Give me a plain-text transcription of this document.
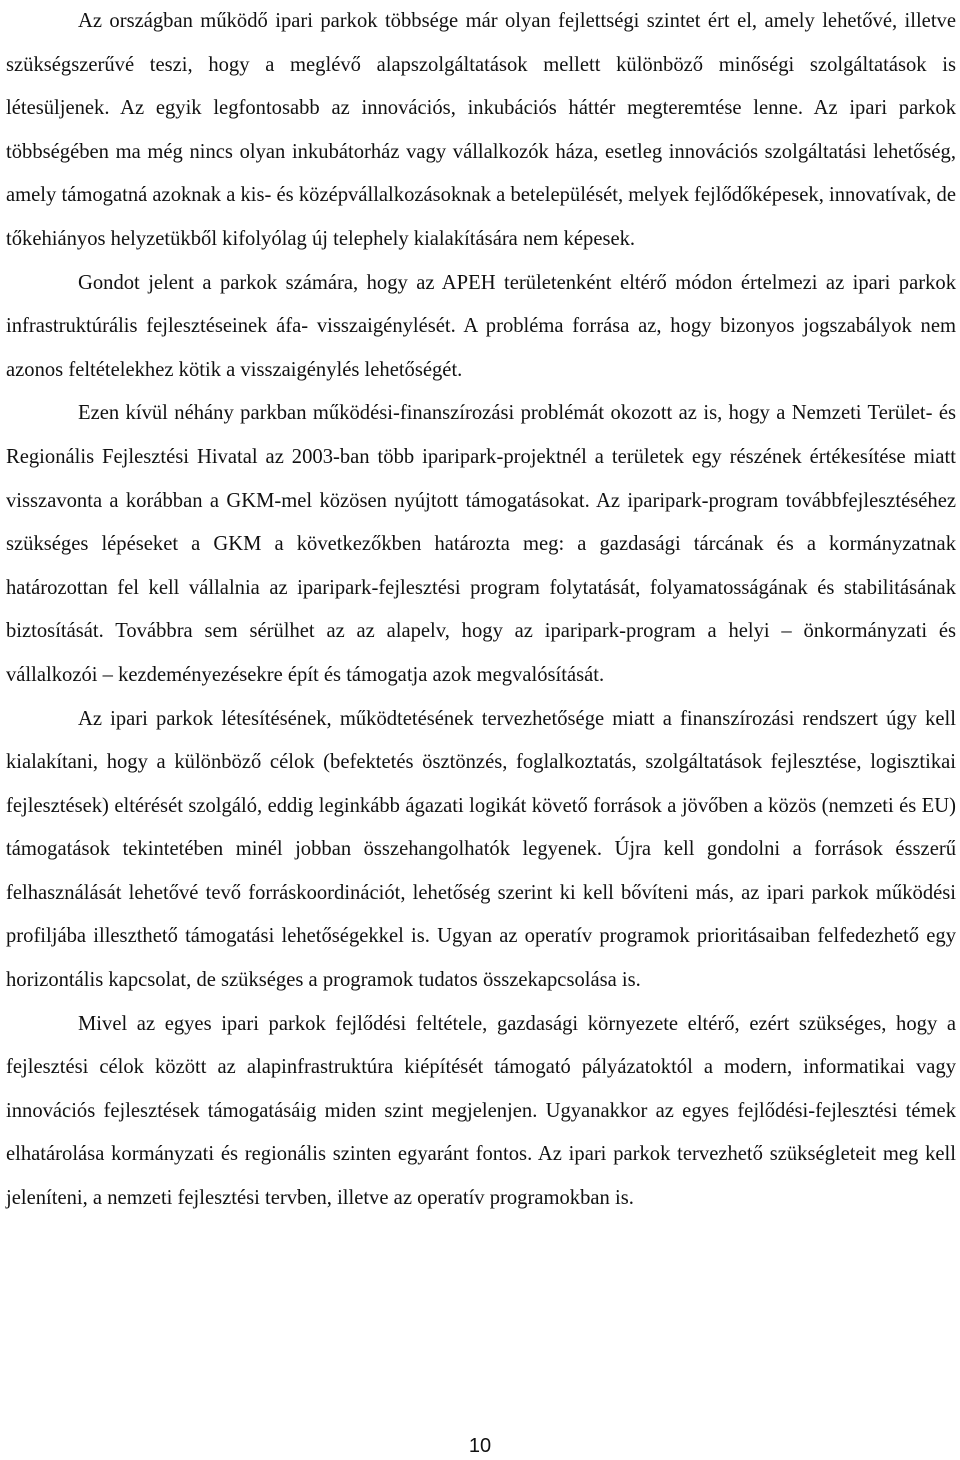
Az országban működő ipari parkok többsége már olyan fejlettségi szintet ért el, amely lehetővé, illetve szükségszerűvé teszi, hogy a meglévő alapszolgáltatások mellett különböző minőségi szolgáltatások is létesüljenek. Az egyik legfontosabb az innovációs, inkubációs háttér megteremtése lenne. Az ipari parkok többségében ma még nincs olyan inkubátorház vagy vállalkozók háza, esetleg innovációs szolgáltatási lehetőség, amely támogatná azoknak a kis- és középvállalkozásoknak a betelepülését, melyek fejlődőképesek, innovatívak, de tőkehiányos helyzetükből kifolyólag új telephely kialakítására nem képesek.

Gondot jelent a parkok számára, hogy az APEH területenként eltérő módon értelmezi az ipari parkok infrastruktúrális fejlesztéseinek áfa- visszaigénylését. A probléma forrása az, hogy bizonyos jogszabályok nem azonos feltételekhez kötik a visszaigénylés lehetőségét.

Ezen kívül néhány parkban működési-finanszírozási problémát okozott az is, hogy a Nemzeti Terület- és Regionális Fejlesztési Hivatal az 2003-ban több iparipark-projektnél a területek egy részének értékesítése miatt visszavonta a korábban a GKM-mel közösen nyújtott támogatásokat. Az iparipark-program továbbfejlesztéséhez szükséges lépéseket a GKM a következőkben határozta meg: a gazdasági tárcának és a kormányzatnak határozottan fel kell vállalnia az iparipark-fejlesztési program folytatását, folyamatosságának és stabilitásának biztosítását. Továbbra sem sérülhet az az alapelv, hogy az iparipark-program a helyi – önkormányzati és vállalkozói – kezdeményezésekre épít és támogatja azok megvalósítását.

Az ipari parkok létesítésének, működtetésének tervezhetősége miatt a finanszírozási rendszert úgy kell kialakítani, hogy a különböző célok (befektetés ösztönzés, foglalkoztatás, szolgáltatások fejlesztése, logisztikai fejlesztések) eltérését szolgáló, eddig leginkább ágazati logikát követő források a jövőben a közös (nemzeti és EU) támogatások tekintetében minél jobban összehangolhatók legyenek. Újra kell gondolni a források ésszerű felhasználását lehetővé tevő forráskoordinációt, lehetőség szerint ki kell bővíteni más, az ipari parkok működési profiljába illeszthető támogatási lehetőségekkel is. Ugyan az operatív programok prioritásaiban felfedezhető egy horizontális kapcsolat, de szükséges a programok tudatos összekapcsolása is.

Mivel az egyes ipari parkok fejlődési feltétele, gazdasági környezete eltérő, ezért szükséges, hogy a fejlesztési célok között az alapinfrastruktúra kiépítését támogató pályázatoktól a modern, informatikai vagy innovációs fejlesztések támogatásáig miden szint megjelenjen. Ugyanakkor az egyes fejlődési-fejlesztési témek elhatárolása kormányzati és regionális szinten egyaránt fontos. Az ipari parkok tervezhető szükségleteit meg kell jeleníteni, a nemzeti fejlesztési tervben, illetve az operatív programokban is.

10
